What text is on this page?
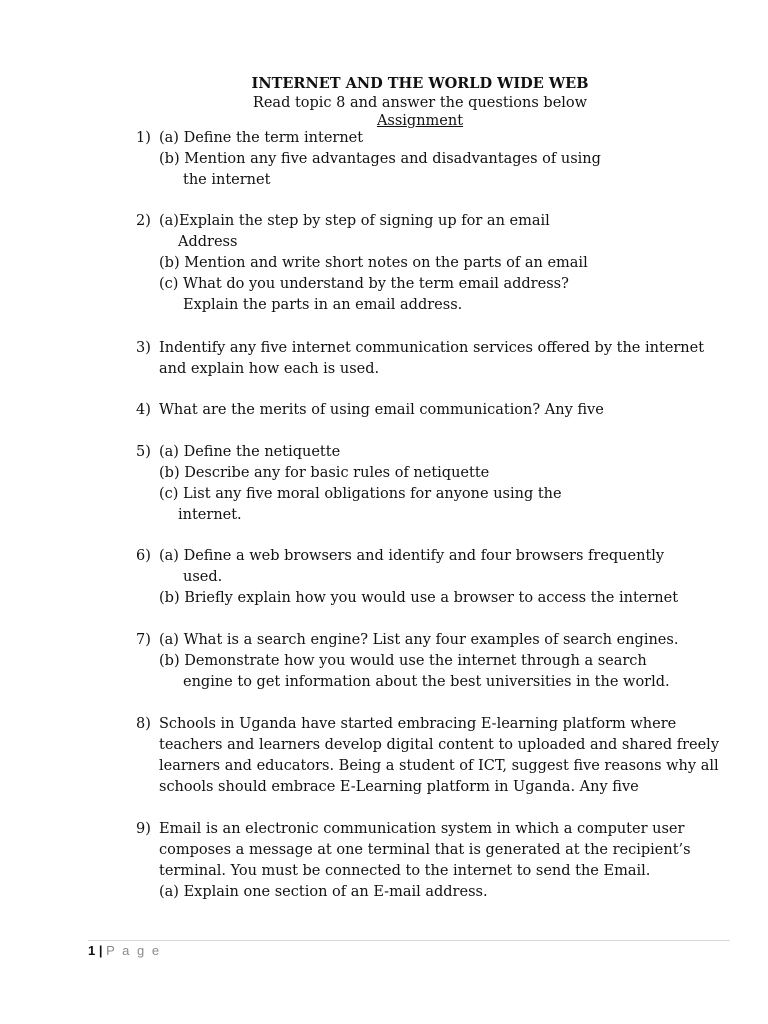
INTERNET AND THE WORLD WIDE WEB
Read topic 8 and answer the questions below
Assignment
1) (a) Define the term internet
(b) Mention any five advantages and disadvantages of using
the internet
2) (a)Explain the step by step of signing up for an email
Address
(b) Mention and write short notes on the parts of an email
(c) What do you understand by the term email address?
Explain the parts in an email address.
3) Indentify any five internet communication services offered by the internet
and explain how each is used.
4) What are the merits of using email communication? Any five
5) (a) Define the netiquette
(b) Describe any for basic rules of netiquette
(c) List any five moral obligations for anyone using the
internet.
6) (a) Define a web browsers and identify and four browsers frequently
used.
(b) Briefly explain how you would use a browser to access the internet
7) (a) What is a search engine? List any four examples of search engines.
(b) Demonstrate how you would use the internet through a search
engine to get information about the best universities in the world.
8) Schools in Uganda have started embracing E-learning platform where
teachers and learners develop digital content to uploaded and shared freely
learners and educators. Being a student of ICT, suggest five reasons why all
schools should embrace E-Learning platform in Uganda. Any five
9) Email is an electronic communication system in which a computer user
composes a message at one terminal that is generated at the recipient’s
terminal. You must be connected to the internet to send the Email.
(a) Explain one section of an E-mail address.
1 | P a g e
